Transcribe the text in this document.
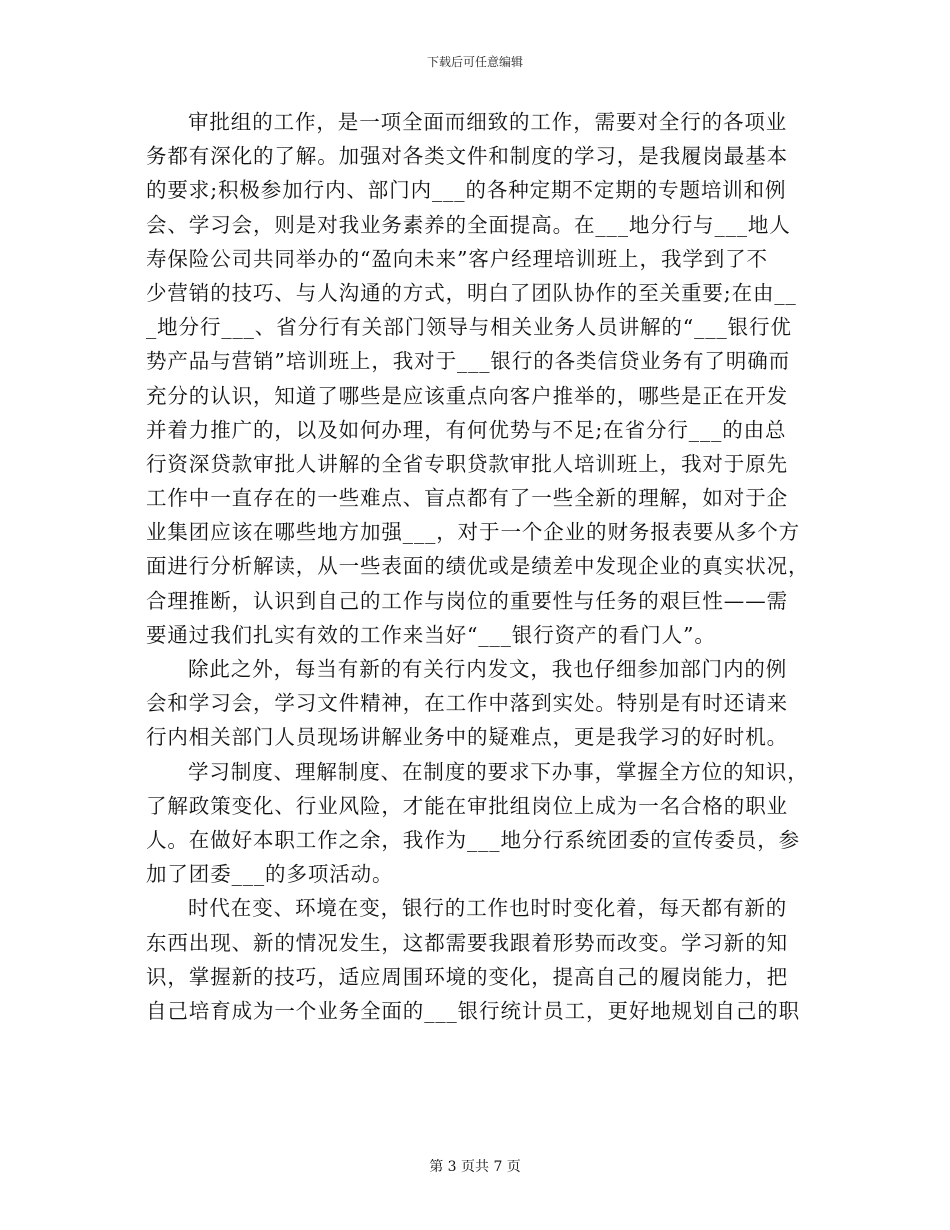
下载后可任意编辑
审批组的工作，是一项全面而细致的工作，需要对全行的各项业
务都有深化的了解。加强对各类文件和制度的学习，是我履岗最基本
的要求;积极参加行内、部门内___的各种定期不定期的专题培训和例
会、学习会，则是对我业务素养的全面提高。在___地分行与___地人
寿保险公司共同举办的“盈向未来”客户经理培训班上，我学到了不
少营销的技巧、与人沟通的方式，明白了团队协作的至关重要;在由__
_地分行___、省分行有关部门领导与相关业务人员讲解的“___银行优
势产品与营销”培训班上，我对于___银行的各类信贷业务有了明确而
充分的认识，知道了哪些是应该重点向客户推举的，哪些是正在开发
并着力推广的，以及如何办理，有何优势与不足;在省分行___的由总
行资深贷款审批人讲解的全省专职贷款审批人培训班上，我对于原先
工作中一直存在的一些难点、盲点都有了一些全新的理解，如对于企
业集团应该在哪些地方加强___，对于一个企业的财务报表要从多个方
面进行分析解读，从一些表面的绩优或是绩差中发现企业的真实状况，
合理推断，认识到自己的工作与岗位的重要性与任务的艰巨性——需
要通过我们扎实有效的工作来当好“___银行资产的看门人”。
除此之外，每当有新的有关行内发文，我也仔细参加部门内的例
会和学习会，学习文件精神，在工作中落到实处。特别是有时还请来
行内相关部门人员现场讲解业务中的疑难点，更是我学习的好时机。
学习制度、理解制度、在制度的要求下办事，掌握全方位的知识，
了解政策变化、行业风险，才能在审批组岗位上成为一名合格的职业
人。在做好本职工作之余，我作为___地分行系统团委的宣传委员，参
加了团委___的多项活动。
时代在变、环境在变，银行的工作也时时变化着，每天都有新的
东西出现、新的情况发生，这都需要我跟着形势而改变。学习新的知
识，掌握新的技巧，适应周围环境的变化，提高自己的履岗能力，把
自己培育成为一个业务全面的___银行统计员工，更好地规划自己的职
第 3 页共 7 页
